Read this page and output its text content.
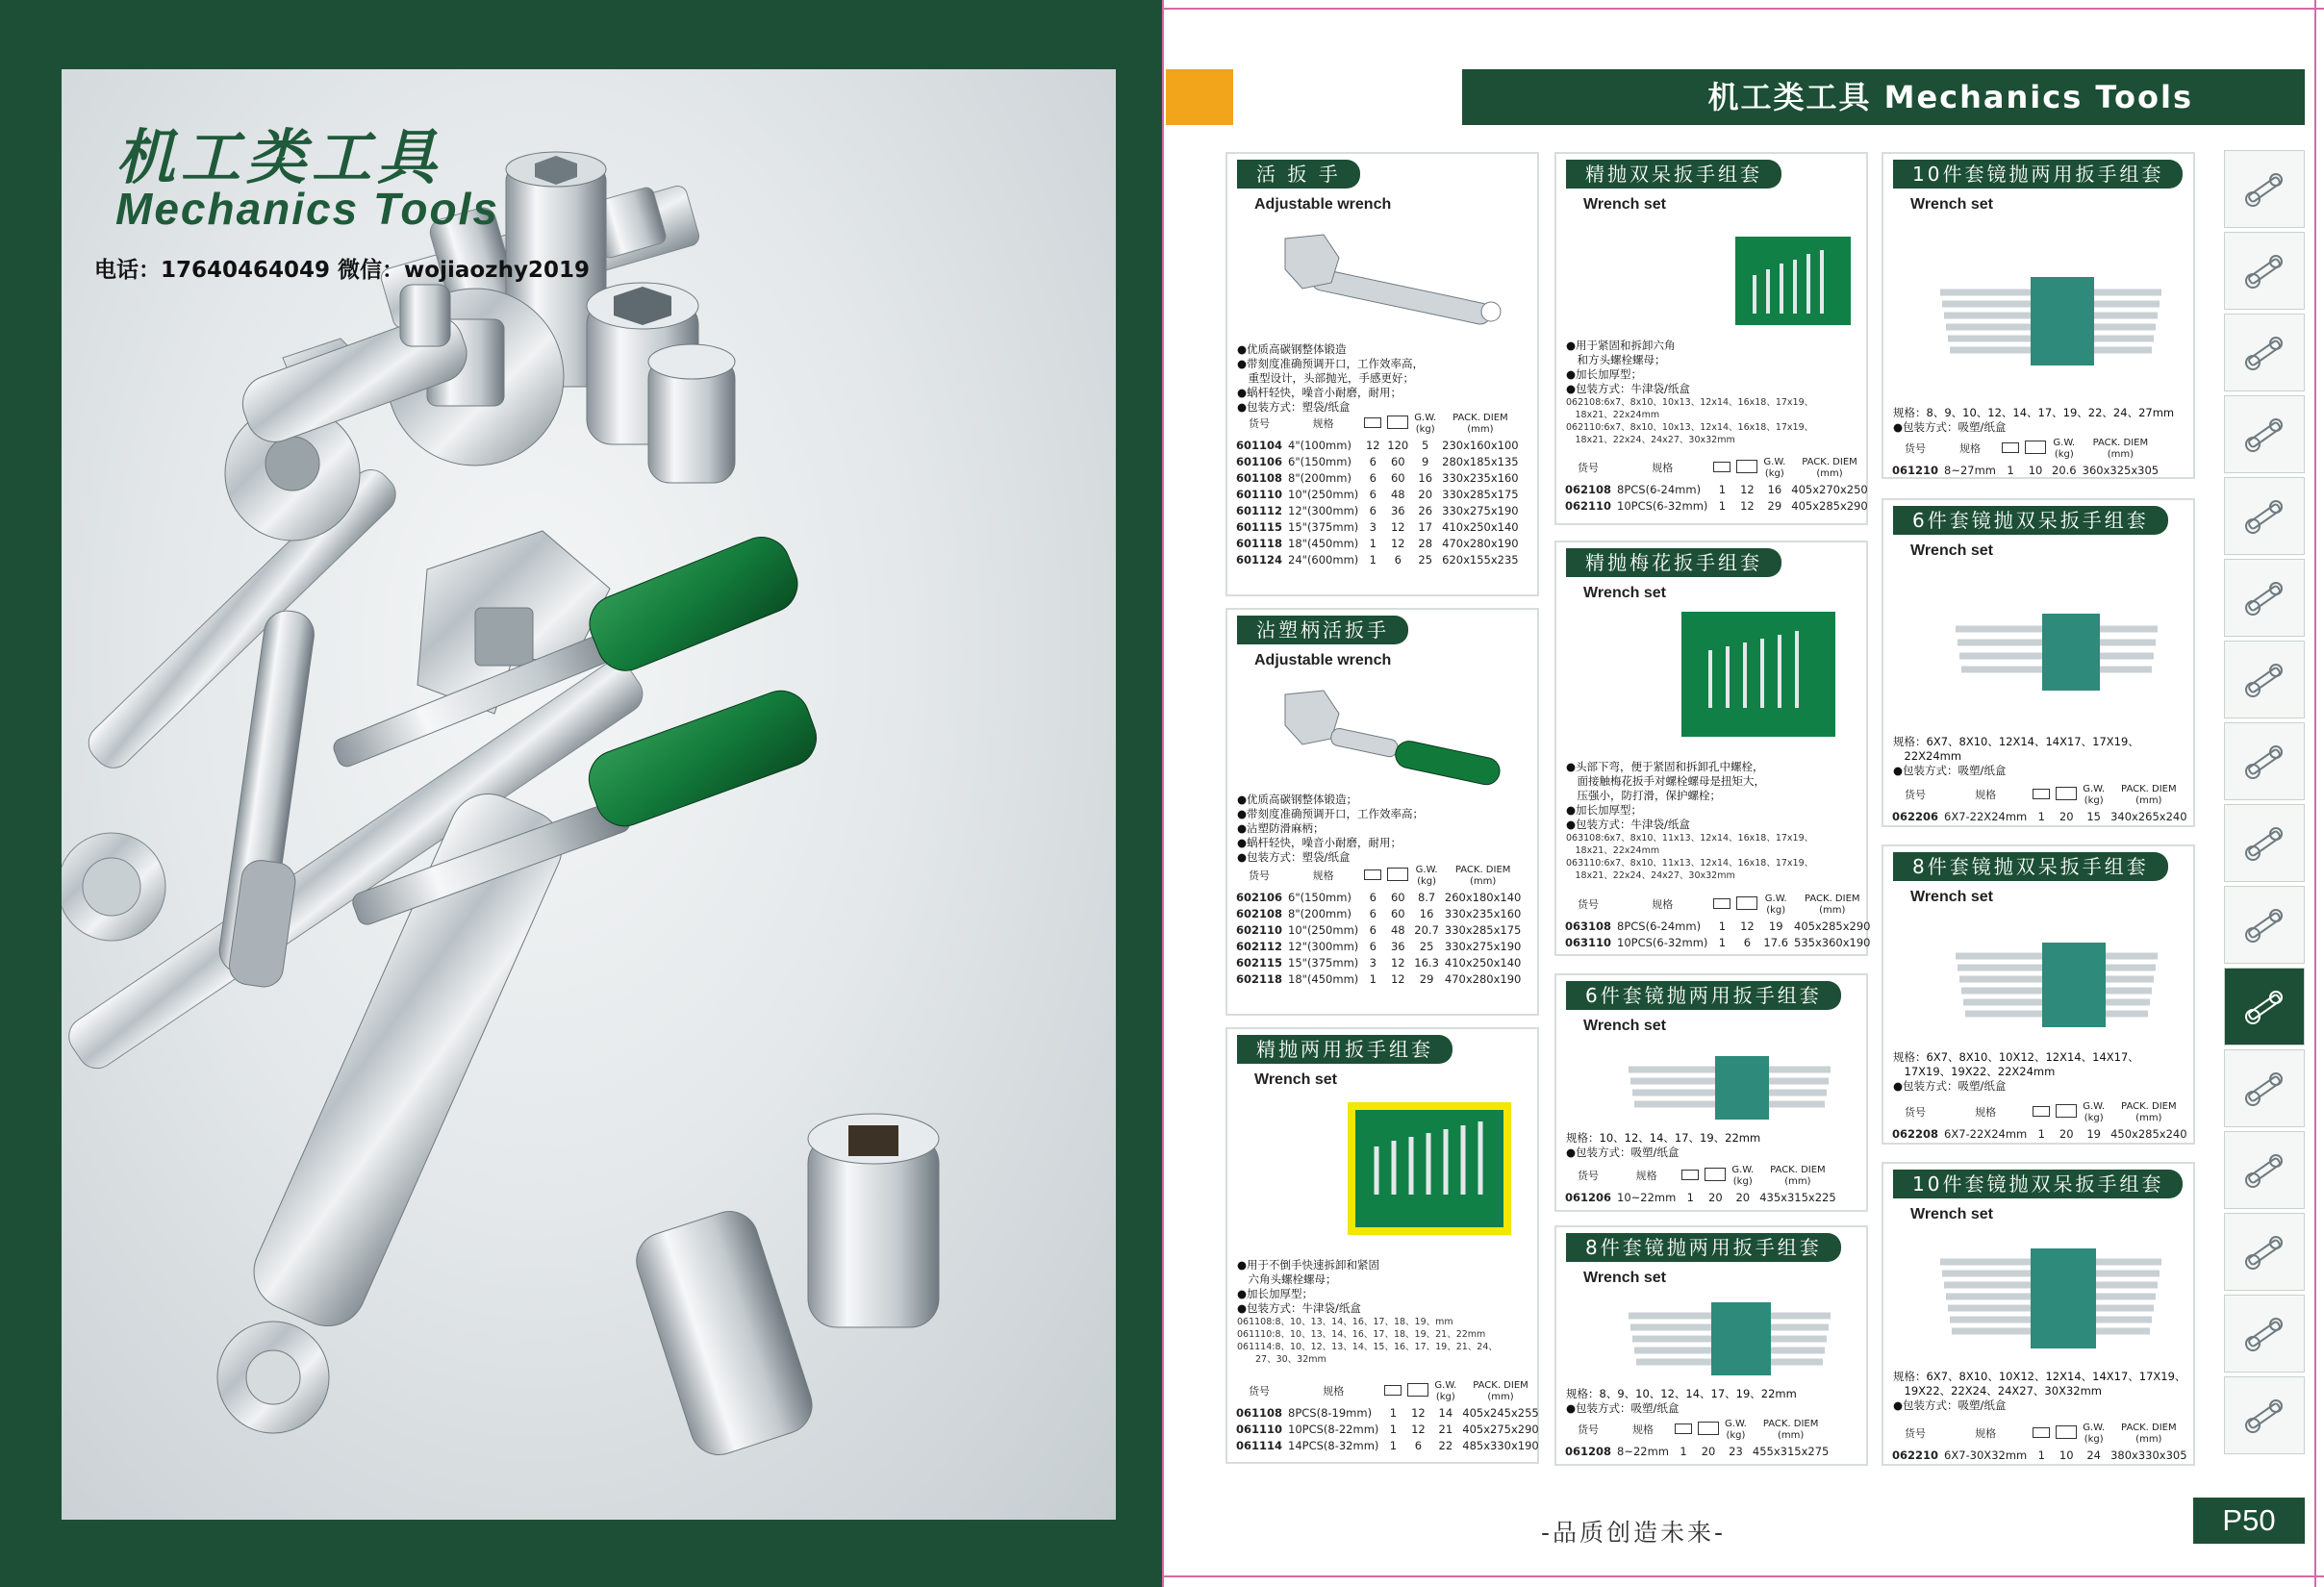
机工类工具
Mechanics Tools
电话：17640464049 微信：wojiaozhy2019
机工类工具 Mechanics Tools
活 扳 手
Adjustable wrench
●优质高碳钢整体锻造
●带刻度准确预调开口，工作效率高，
　重型设计，头部抛光，手感更好；
●蜗杆轻快，噪音小耐磨，耐用；
●包装方式：塑袋/纸盒
货号	规格			G.W.
(kg)	PACK. DIEM
(mm)
601104	4"(100mm)	12	120	5	230x160x100
601106	6"(150mm)	6	60	9	280x185x135
601108	8"(200mm)	6	60	16	330x235x160
601110	10"(250mm)	6	48	20	330x285x175
601112	12"(300mm)	6	36	26	330x275x190
601115	15"(375mm)	3	12	17	410x250x140
601118	18"(450mm)	1	12	28	470x280x190
601124	24"(600mm)	1	6	25	620x155x235
沾塑柄活扳手
Adjustable wrench
●优质高碳钢整体锻造；
●带刻度准确预调开口，工作效率高；
●沾塑防滑麻柄；
●蜗杆轻快，噪音小耐磨，耐用；
●包装方式：塑袋/纸盒
货号	规格			G.W.
(kg)	PACK. DIEM
(mm)
602106	6"(150mm)	6	60	8.7	260x180x140
602108	8"(200mm)	6	60	16	330x235x160
602110	10"(250mm)	6	48	20.7	330x285x175
602112	12"(300mm)	6	36	25	330x275x190
602115	15"(375mm)	3	12	16.3	410x250x140
602118	18"(450mm)	1	12	29	470x280x190
精抛两用扳手组套
Wrench set
●用于不倒手快速拆卸和紧固
　六角头螺栓螺母；
●加长加厚型；
●包装方式：牛津袋/纸盒
061108:8、10、13、14、16、17、18、19、mm
061110:8、10、13、14、16、17、18、19、21、22mm
061114:8、10、12、13、14、15、16、17、19、21、24、
　　27、30、32mm
货号	规格			G.W.
(kg)	PACK. DIEM
(mm)
061108	8PCS(8-19mm)	1	12	14	405x245x255
061110	10PCS(8-22mm)	1	12	21	405x275x290
061114	14PCS(8-32mm)	1	6	22	485x330x190
精抛双呆扳手组套
Wrench set
●用于紧固和拆卸六角
　和方头螺栓螺母；
●加长加厚型；
●包装方式：牛津袋/纸盒
062108:6x7、8x10、10x13、12x14、16x18、17x19、
　18x21、22x24mm
062110:6x7、8x10、10x13、12x14、16x18、17x19、
　18x21、22x24、24x27、30x32mm
货号	规格			G.W.
(kg)	PACK. DIEM
(mm)
062108	8PCS(6-24mm)	1	12	16	405x270x250
062110	10PCS(6-32mm)	1	12	29	405x285x290
精抛梅花扳手组套
Wrench set
●头部下弯，便于紧固和拆卸孔中螺栓，
　面接触梅花扳手对螺栓螺母是扭矩大，
　压强小，防打滑，保护螺栓；
●加长加厚型；
●包装方式：牛津袋/纸盒
063108:6x7、8x10、11x13、12x14、16x18、17x19、
　18x21、22x24mm
063110:6x7、8x10、11x13、12x14、16x18、17x19、
　18x21、22x24、24x27、30x32mm
货号	规格			G.W.
(kg)	PACK. DIEM
(mm)
063108	8PCS(6-24mm)	1	12	19	405x285x290
063110	10PCS(6-32mm)	1	6	17.6	535x360x190
6件套镜抛两用扳手组套
Wrench set
规格：10、12、14、17、19、22mm
●包装方式：吸塑/纸盒
货号	规格			G.W.
(kg)	PACK. DIEM
(mm)
061206	10~22mm	1	20	20	435x315x225
8件套镜抛两用扳手组套
Wrench set
规格：8、9、10、12、14、17、19、22mm
●包装方式：吸塑/纸盒
货号	规格			G.W.
(kg)	PACK. DIEM
(mm)
061208	8~22mm	1	20	23	455x315x275
10件套镜抛两用扳手组套
Wrench set
规格：8、9、10、12、14、17、19、22、24、27mm
●包装方式：吸塑/纸盒
货号	规格			G.W.
(kg)	PACK. DIEM
(mm)
061210	8~27mm	1	10	20.6	360x325x305
6件套镜抛双呆扳手组套
Wrench set
规格：6X7、8X10、12X14、14X17、17X19、
　22X24mm
●包装方式：吸塑/纸盒
货号	规格			G.W.
(kg)	PACK. DIEM
(mm)
062206	6X7-22X24mm	1	20	15	340x265x240
8件套镜抛双呆扳手组套
Wrench set
规格：6X7、8X10、10X12、12X14、14X17、
　17X19、19X22、22X24mm
●包装方式：吸塑/纸盒
货号	规格			G.W.
(kg)	PACK. DIEM
(mm)
062208	6X7-22X24mm	1	20	19	450x285x240
10件套镜抛双呆扳手组套
Wrench set
规格：6X7、8X10、10X12、12X14、14X17、17X19、
　19X22、22X24、24X27、30X32mm
●包装方式：吸塑/纸盒
货号	规格			G.W.
(kg)	PACK. DIEM
(mm)
062210	6X7-30X32mm	1	10	24	380x330x305
-品质创造未来-	P50
